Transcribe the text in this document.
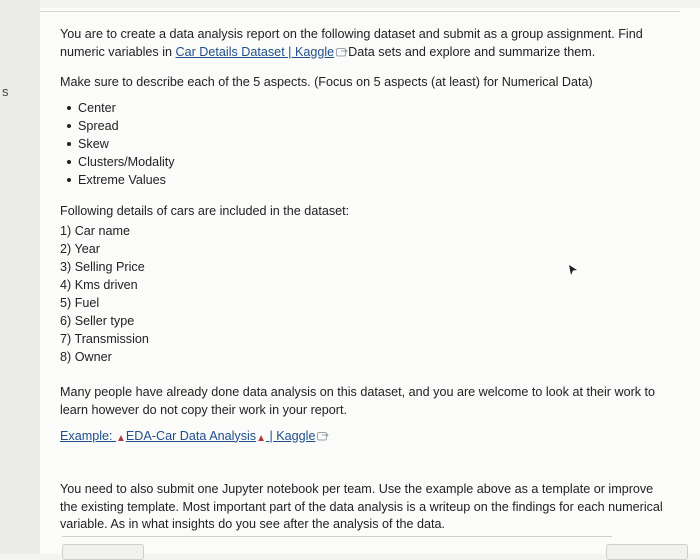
s

You are to create a data analysis report on the following dataset and submit as a group assignment. Find numeric variables in Car Details Dataset | Kaggle Data sets and explore and summarize them.

Make sure to describe each of the 5 aspects. (Focus on 5 aspects (at least) for Numerical Data)

Center
Spread
Skew
Clusters/Modality
Extreme Values

Following details of cars are included in the dataset:

1) Car name
2) Year
3) Selling Price
4) Kms driven
5) Fuel
6) Seller type
7) Transmission
8) Owner

Many people have already done data analysis on this dataset, and you are welcome to look at their work to learn however do not copy their work in your report.

Example: ▲EDA-Car Data Analysis▲ | Kaggle

You need to also submit one Jupyter notebook per team. Use the example above as a template or improve the existing template. Most important part of the data analysis is a writeup on the findings for each numerical variable. As in what insights do you see after the analysis of the data.
